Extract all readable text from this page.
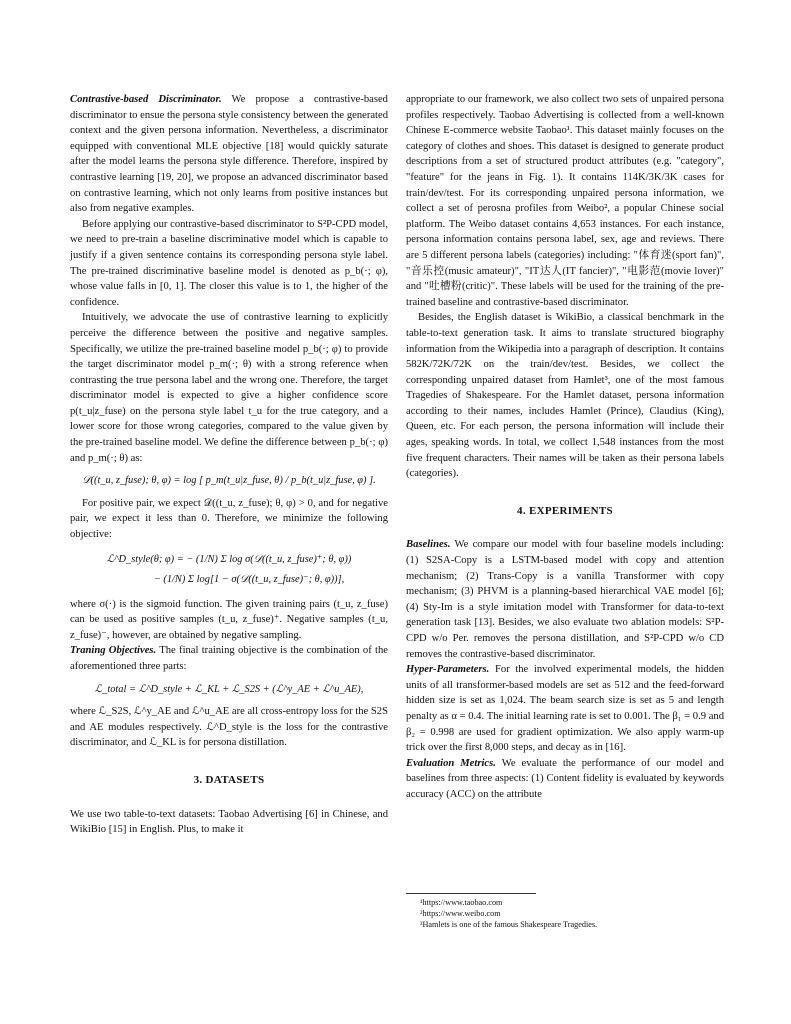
Contrastive-based Discriminator. We propose a contrastive-based discriminator to ensue the persona style consistency between the generated context and the given persona information. Nevertheless, a discriminator equipped with conventional MLE objective [18] would quickly saturate after the model learns the persona style difference. Therefore, inspired by contrastive learning [19, 20], we propose an advanced discriminator based on contrastive learning, which not only learns from positive instances but also from negative examples.

Before applying our contrastive-based discriminator to S²P-CPD model, we need to pre-train a baseline discriminative model which is capable to justify if a given sentence contains its corresponding persona style label. The pre-trained discriminative baseline model is denoted as p_b(·; φ), whose value falls in [0, 1]. The closer this value is to 1, the higher of the confidence.

Intuitively, we advocate the use of contrastive learning to explicitly perceive the difference between the positive and negative samples. Specifically, we utilize the pre-trained baseline model p_b(·; φ) to provide the target discriminator model p_m(·; θ) with a strong reference when contrasting the true persona label and the wrong one. Therefore, the target discriminator model is expected to give a higher confidence score p(t_u|z_fuse) on the persona style label t_u for the true category, and a lower score for those wrong categories, compared to the value given by the pre-trained baseline model. We define the difference between p_b(·; φ) and p_m(·; θ) as:

𝒟((t_u, z_fuse); θ, φ) = log [ p_m(t_u|z_fuse, θ) / p_b(t_u|z_fuse, φ) ].

For positive pair, we expect 𝒟((t_u, z_fuse); θ, φ) > 0, and for negative pair, we expect it less than 0. Therefore, we minimize the following objective:

ℒ^D_style(θ; φ) = − (1/N) Σ log σ(𝒟((t_u, z_fuse)⁺; θ, φ))
− (1/N) Σ log[1 − σ(𝒟((t_u, z_fuse)⁻; θ, φ))],

where σ(·) is the sigmoid function. The given training pairs (t_u, z_fuse) can be used as positive samples (t_u, z_fuse)⁺. Negative samples (t_u, z_fuse)⁻, however, are obtained by negative sampling.

Traning Objectives. The final training objective is the combination of the aforementioned three parts:

ℒ_total = ℒ^D_style + ℒ_KL + ℒ_S2S + (ℒ^y_AE + ℒ^u_AE),

where ℒ_S2S, ℒ^y_AE and ℒ^u_AE are all cross-entropy loss for the S2S and AE modules respectively. ℒ^D_style is the loss for the contrastive discriminator, and ℒ_KL is for persona distillation.

3. DATASETS

We use two table-to-text datasets: Taobao Advertising [6] in Chinese, and WikiBio [15] in English. Plus, to make it

appropriate to our framework, we also collect two sets of unpaired persona profiles respectively. Taobao Advertising is collected from a well-known Chinese E-commerce website Taobao¹. This dataset mainly focuses on the category of clothes and shoes. This dataset is designed to generate product descriptions from a set of structured product attributes (e.g. "category", "feature" for the jeans in Fig. 1). It contains 114K/3K/3K cases for train/dev/test. For its corresponding unpaired persona information, we collect a set of perosna profiles from Weibo², a popular Chinese social platform. The Weibo dataset contains 4,653 instances. For each instance, persona information contains persona label, sex, age and reviews. There are 5 different persona labels (categories) including: "体育迷(sport fan)", "音乐控(music amateur)", "IT达人(IT fancier)", "电影范(movie lover)" and "吐槽粉(critic)". These labels will be used for the training of the pre-trained baseline and contrastive-based discriminator.

Besides, the English dataset is WikiBio, a classical benchmark in the table-to-text generation task. It aims to translate structured biography information from the Wikipedia into a paragraph of description. It contains 582K/72K/72K on the train/dev/test. Besides, we collect the corresponding unpaired dataset from Hamlet³, one of the most famous Tragedies of Shakespeare. For the Hamlet dataset, persona information according to their names, includes Hamlet (Prince), Claudius (King), Queen, etc. For each person, the persona information will include their ages, speaking words. In total, we collect 1,548 instances from the most five frequent characters. Their names will be taken as their persona labels (categories).

4. EXPERIMENTS

Baselines. We compare our model with four baseline models including: (1) S2SA-Copy is a LSTM-based model with copy and attention mechanism; (2) Trans-Copy is a vanilla Transformer with copy mechanism; (3) PHVM is a planning-based hierarchical VAE model [6]; (4) Sty-Im is a style imitation model with Transformer for data-to-text generation task [13]. Besides, we also evaluate two ablation models: S²P-CPD w/o Per. removes the persona distillation, and S²P-CPD w/o CD removes the contrastive-based discriminator.

Hyper-Parameters. For the involved experimental models, the hidden units of all transformer-based models are set as 512 and the feed-forward hidden size is set as 1,024. The beam search size is set as 5 and length penalty as α = 0.4. The initial learning rate is set to 0.001. The β₁ = 0.9 and β₂ = 0.998 are used for gradient optimization. We also apply warm-up trick over the first 8,000 steps, and decay as in [16].

Evaluation Metrics. We evaluate the performance of our model and baselines from three aspects: (1) Content fidelity is evaluated by keywords accuracy (ACC) on the attribute

¹https://www.taobao.com
²https://www.weibo.com
³Hamlets is one of the famous Shakespeare Tragedies.
